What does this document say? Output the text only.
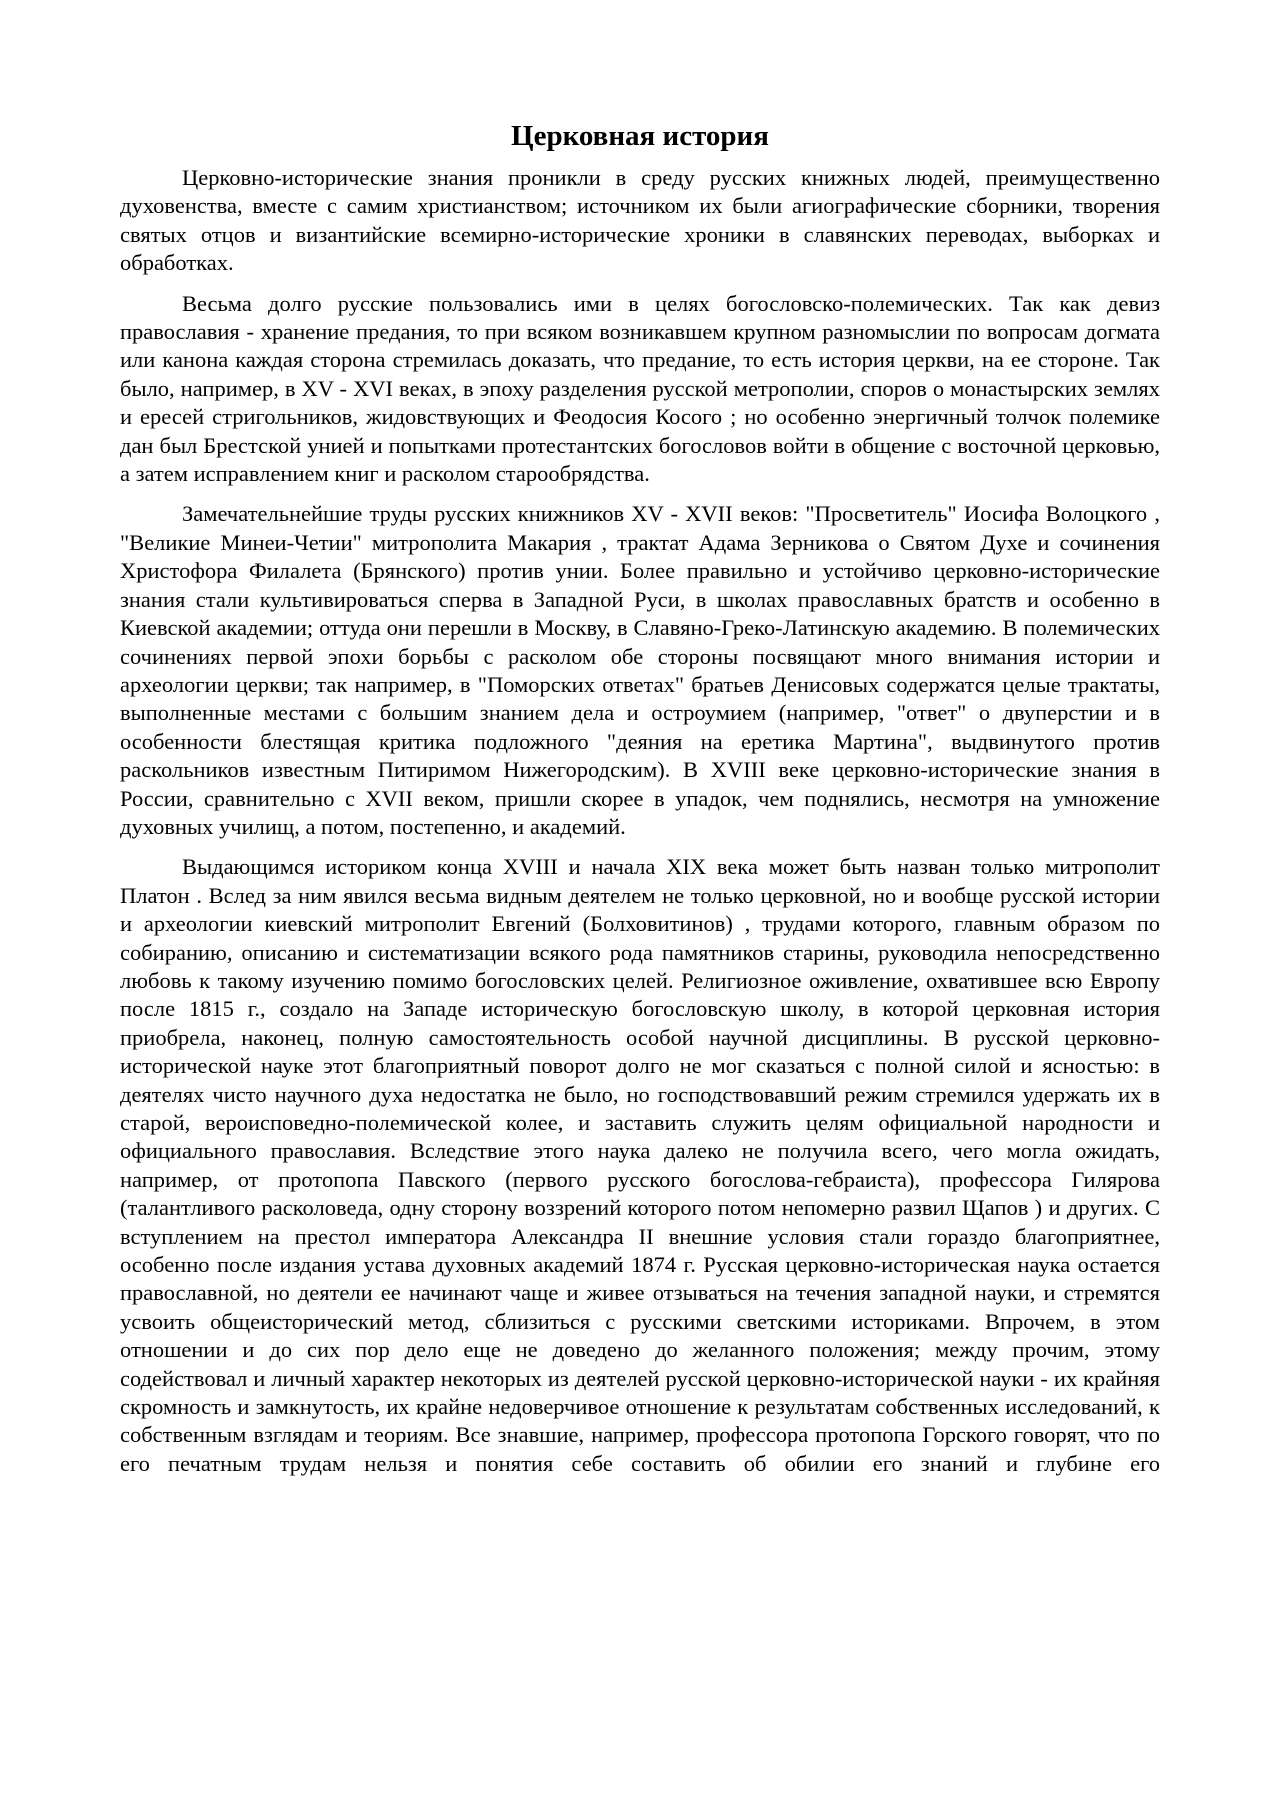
Церковная история

Церковно-исторические знания проникли в среду русских книжных людей, преимущественно духовенства, вместе с самим христианством; источником их были агиографические сборники, творения святых отцов и византийские всемирно-исторические хроники в славянских переводах, выборках и обработках.

Весьма долго русские пользовались ими в целях богословско-полемических. Так как девиз православия - хранение предания, то при всяком возникавшем крупном разномыслии по вопросам догмата или канона каждая сторона стремилась доказать, что предание, то есть история церкви, на ее стороне. Так было, например, в XV - XVI веках, в эпоху разделения русской метрополии, споров о монастырских землях и ересей стригольников, жидовствующих и Феодосия Косого ; но особенно энергичный толчок полемике дан был Брестской унией и попытками протестантских богословов войти в общение с восточной церковью, а затем исправлением книг и расколом старообрядства.

Замечательнейшие труды русских книжников XV - XVII веков: "Просветитель" Иосифа Волоцкого , "Великие Минеи-Четии" митрополита Макария , трактат Адама Зерникова о Святом Духе и сочинения Христофора Филалета (Брянского) против унии. Более правильно и устойчиво церковно-исторические знания стали культивироваться сперва в Западной Руси, в школах православных братств и особенно в Киевской академии; оттуда они перешли в Москву, в Славяно-Греко-Латинскую академию. В полемических сочинениях первой эпохи борьбы с расколом обе стороны посвящают много внимания истории и археологии церкви; так например, в "Поморских ответах" братьев Денисовых содержатся целые трактаты, выполненные местами с большим знанием дела и остроумием (например, "ответ" о двуперстии и в особенности блестящая критика подложного "деяния на еретика Мартина", выдвинутого против раскольников известным Питиримом Нижегородским). В XVIII веке церковно-исторические знания в России, сравнительно с XVII веком, пришли скорее в упадок, чем поднялись, несмотря на умножение духовных училищ, а потом, постепенно, и академий.

Выдающимся историком конца XVIII и начала XIX века может быть назван только митрополит Платон . Вслед за ним явился весьма видным деятелем не только церковной, но и вообще русской истории и археологии киевский митрополит Евгений (Болховитинов) , трудами которого, главным образом по собиранию, описанию и систематизации всякого рода памятников старины, руководила непосредственно любовь к такому изучению помимо богословских целей. Религиозное оживление, охватившее всю Европу после 1815 г., создало на Западе историческую богословскую школу, в которой церковная история приобрела, наконец, полную самостоятельность особой научной дисциплины. В русской церковно-исторической науке этот благоприятный поворот долго не мог сказаться с полной силой и ясностью: в деятелях чисто научного духа недостатка не было, но господствовавший режим стремился удержать их в старой, вероисповедно-полемической колее, и заставить служить целям официальной народности и официального православия. Вследствие этого наука далеко не получила всего, чего могла ожидать, например, от протопопа Павского (первого русского богослова-гебраиста), профессора Гилярова (талантливого расколоведа, одну сторону воззрений которого потом непомерно развил Щапов ) и других. С вступлением на престол императора Александра II внешние условия стали гораздо благоприятнее, особенно после издания устава духовных академий 1874 г. Русская церковно-историческая наука остается православной, но деятели ее начинают чаще и живее отзываться на течения западной науки, и стремятся усвоить общеисторический метод, сблизиться с русскими светскими историками. Впрочем, в этом отношении и до сих пор дело еще не доведено до желанного положения; между прочим, этому содействовал и личный характер некоторых из деятелей русской церковно-исторической науки - их крайняя скромность и замкнутость, их крайне недоверчивое отношение к результатам собственных исследований, к собственным взглядам и теориям. Все знавшие, например, профессора протопопа Горского говорят, что по его печатным трудам нельзя и понятия себе составить об обилии его знаний и глубине его
